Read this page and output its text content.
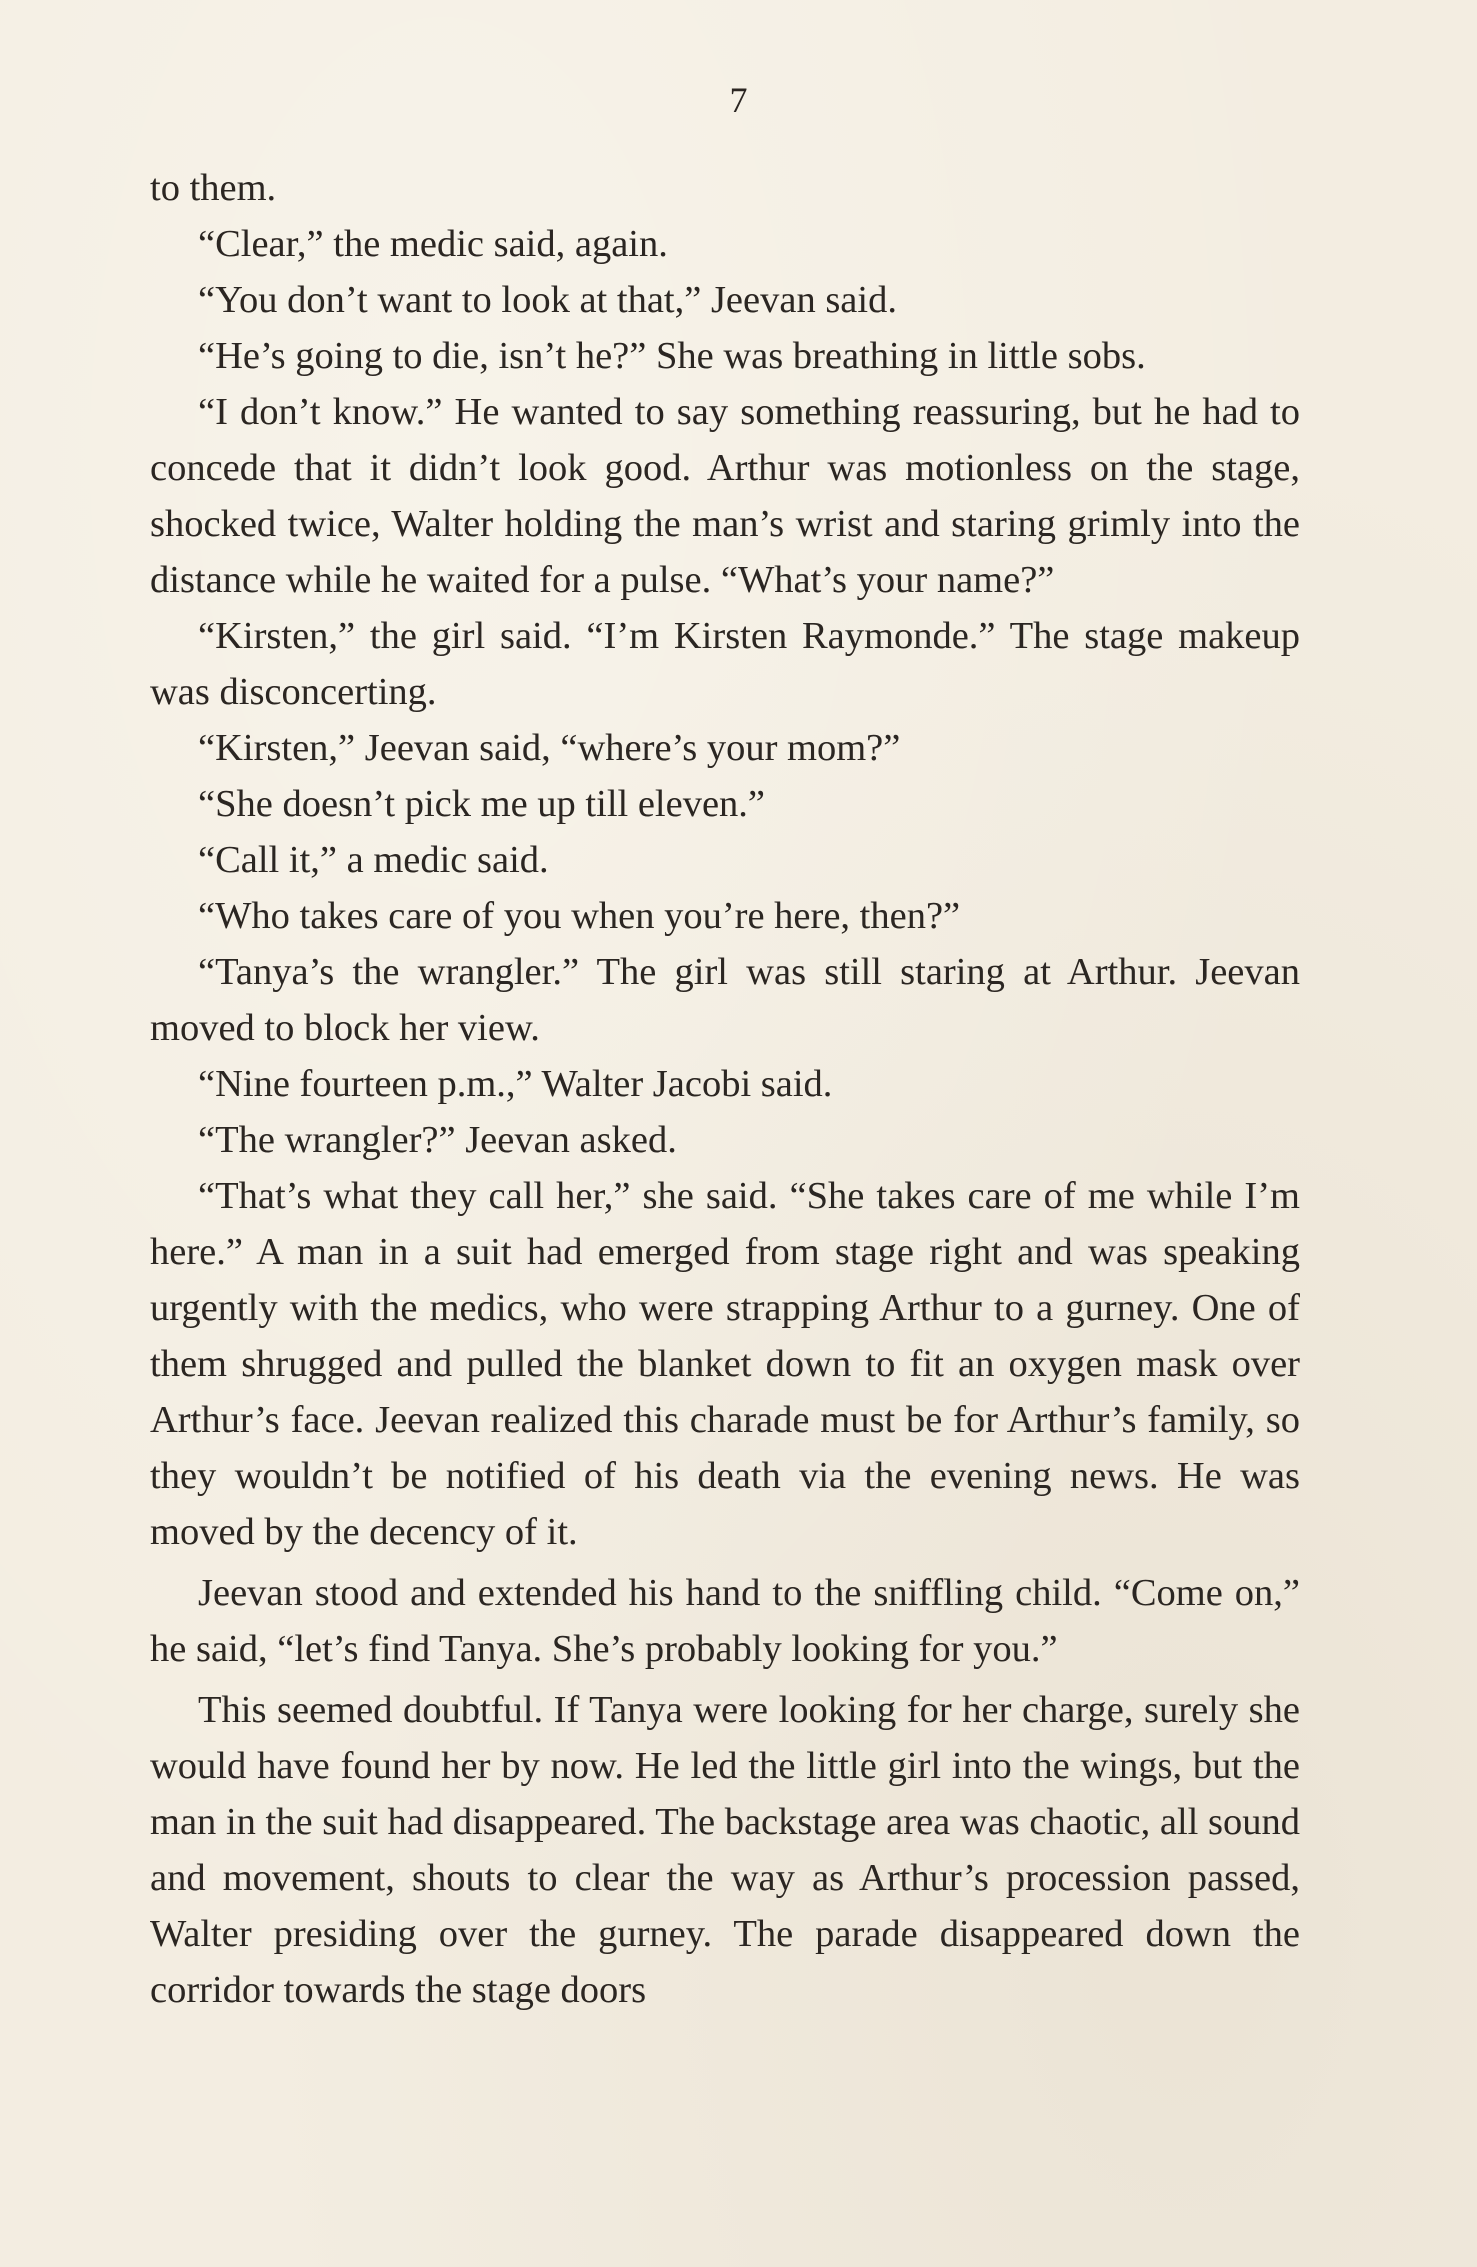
7

to them.

“Clear,” the medic said, again.

“You don’t want to look at that,” Jeevan said.

“He’s going to die, isn’t he?” She was breathing in little sobs.

“I don’t know.” He wanted to say something reassuring, but he had to concede that it didn’t look good. Arthur was motionless on the stage, shocked twice, Walter holding the man’s wrist and staring grimly into the distance while he waited for a pulse. “What’s your name?”

“Kirsten,” the girl said. “I’m Kirsten Raymonde.” The stage makeup was disconcerting.

“Kirsten,” Jeevan said, “where’s your mom?”

“She doesn’t pick me up till eleven.”

“Call it,” a medic said.

“Who takes care of you when you’re here, then?”

“Tanya’s the wrangler.” The girl was still staring at Arthur. Jeevan moved to block her view.

“Nine fourteen p.m.,” Walter Jacobi said.

“The wrangler?” Jeevan asked.

“That’s what they call her,” she said. “She takes care of me while I’m here.” A man in a suit had emerged from stage right and was speaking urgently with the medics, who were strapping Arthur to a gurney. One of them shrugged and pulled the blanket down to fit an oxygen mask over Arthur’s face. Jeevan realized this charade must be for Arthur’s family, so they wouldn’t be notified of his death via the evening news. He was moved by the decency of it.

Jeevan stood and extended his hand to the sniffling child. “Come on,” he said, “let’s find Tanya. She’s probably looking for you.”

This seemed doubtful. If Tanya were looking for her charge, surely she would have found her by now. He led the little girl into the wings, but the man in the suit had disappeared. The backstage area was chaotic, all sound and movement, shouts to clear the way as Arthur’s procession passed, Walter presiding over the gurney. The parade disappeared down the corridor towards the stage doors
